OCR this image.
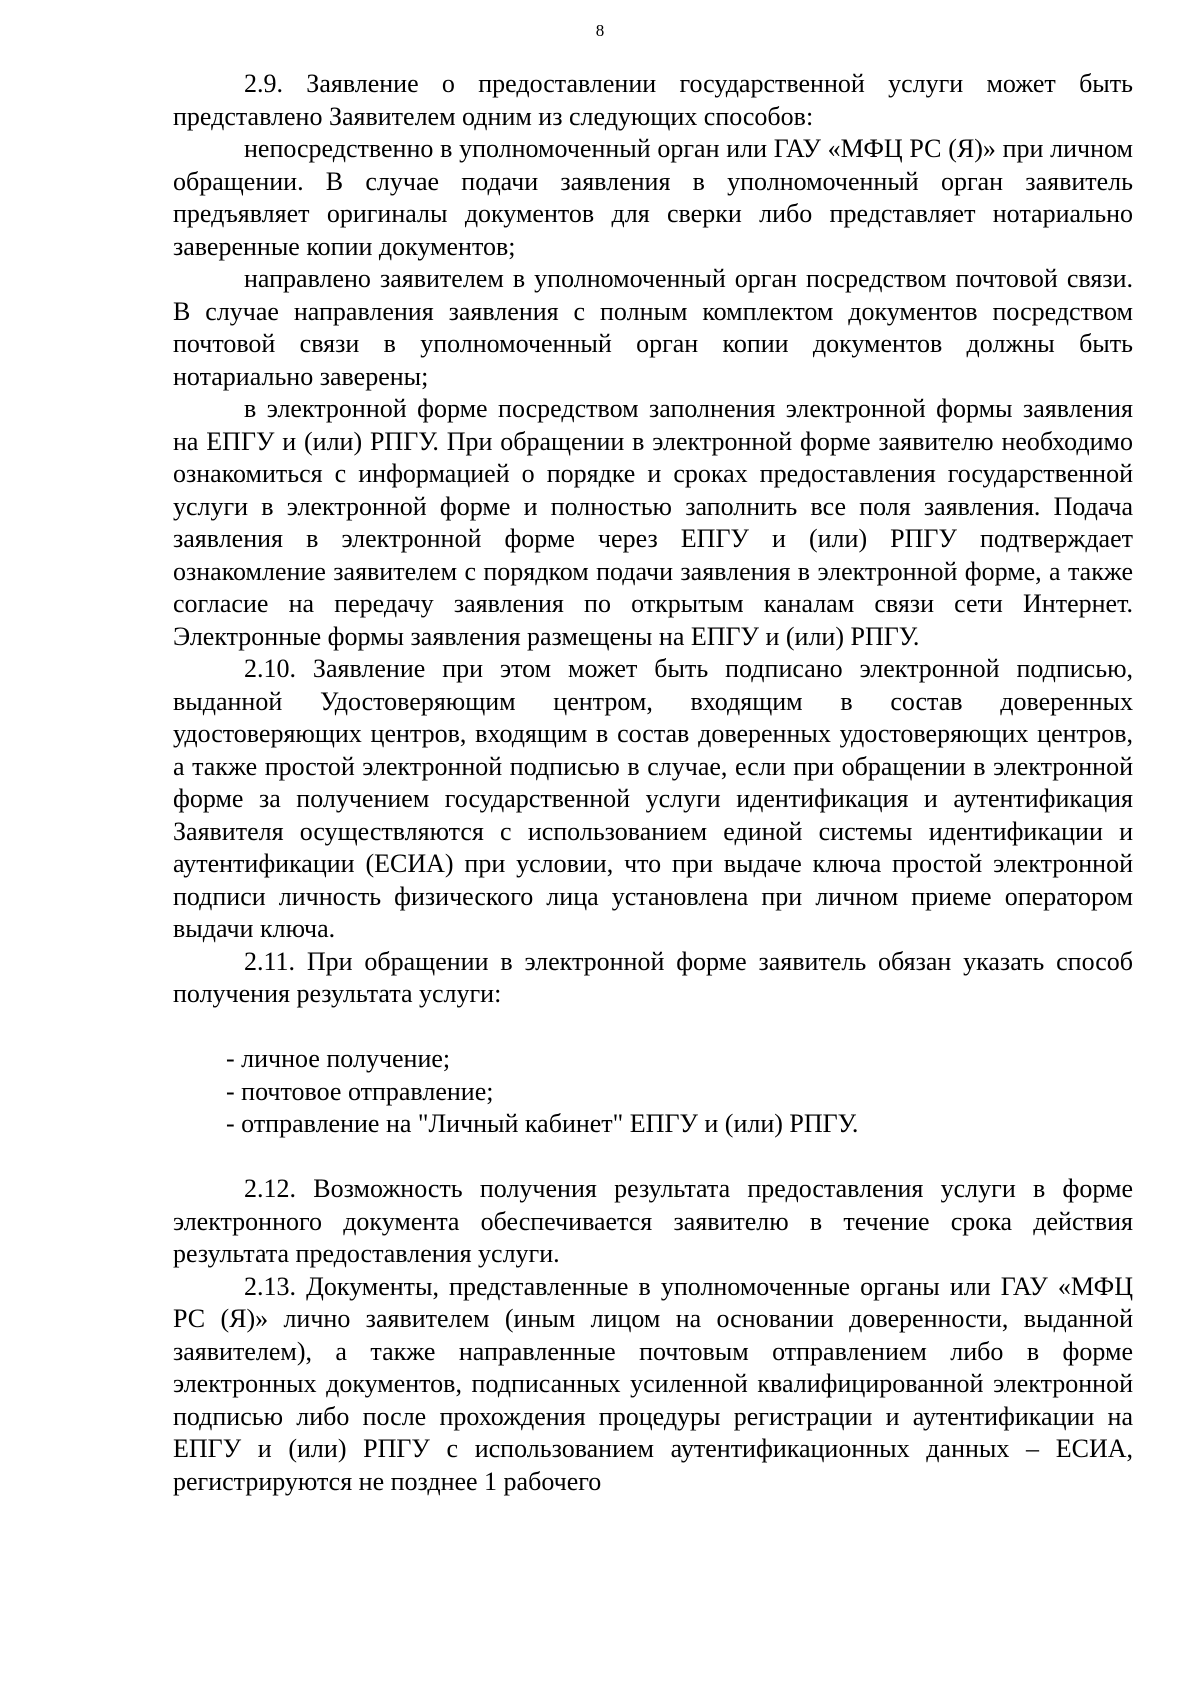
8

2.9. Заявление о предоставлении государственной услуги может быть представлено Заявителем одним из следующих способов:

непосредственно в уполномоченный орган или ГАУ «МФЦ РС (Я)» при личном обращении. В случае подачи заявления в уполномоченный орган заявитель предъявляет оригиналы документов для сверки либо представляет нотариально заверенные копии документов;

направлено заявителем в уполномоченный орган посредством почтовой связи. В случае направления заявления с полным комплектом документов посредством почтовой связи в уполномоченный орган копии документов должны быть нотариально заверены;

в электронной форме посредством заполнения электронной формы заявления на ЕПГУ и (или) РПГУ. При обращении в электронной форме заявителю необходимо ознакомиться с информацией о порядке и сроках предоставления государственной услуги в электронной форме и полностью заполнить все поля заявления. Подача заявления в электронной форме через ЕПГУ и (или) РПГУ подтверждает ознакомление заявителем с порядком подачи заявления в электронной форме, а также согласие на передачу заявления по открытым каналам связи сети Интернет. Электронные формы заявления размещены на ЕПГУ и (или) РПГУ.

2.10. Заявление при этом может быть подписано электронной подписью, выданной Удостоверяющим центром, входящим в состав доверенных удостоверяющих центров, входящим в состав доверенных удостоверяющих центров, а также простой электронной подписью в случае, если при обращении в электронной форме за получением государственной услуги идентификация и аутентификация Заявителя осуществляются с использованием единой системы идентификации и аутентификации (ЕСИА) при условии, что при выдаче ключа простой электронной подписи личность физического лица установлена при личном приеме оператором выдачи ключа.

2.11. При обращении в электронной форме заявитель обязан указать способ получения результата услуги:

- личное получение;
- почтовое отправление;
- отправление на "Личный кабинет" ЕПГУ и (или) РПГУ.

2.12. Возможность получения результата предоставления услуги в форме электронного документа обеспечивается заявителю в течение срока действия результата предоставления услуги.

2.13. Документы, представленные в уполномоченные органы или ГАУ «МФЦ РС (Я)» лично заявителем (иным лицом на основании доверенности, выданной заявителем), а также направленные почтовым отправлением либо в форме электронных документов, подписанных усиленной квалифицированной электронной подписью либо после прохождения процедуры регистрации и аутентификации на ЕПГУ и (или) РПГУ с использованием аутентификационных данных – ЕСИА, регистрируются не позднее 1 рабочего
